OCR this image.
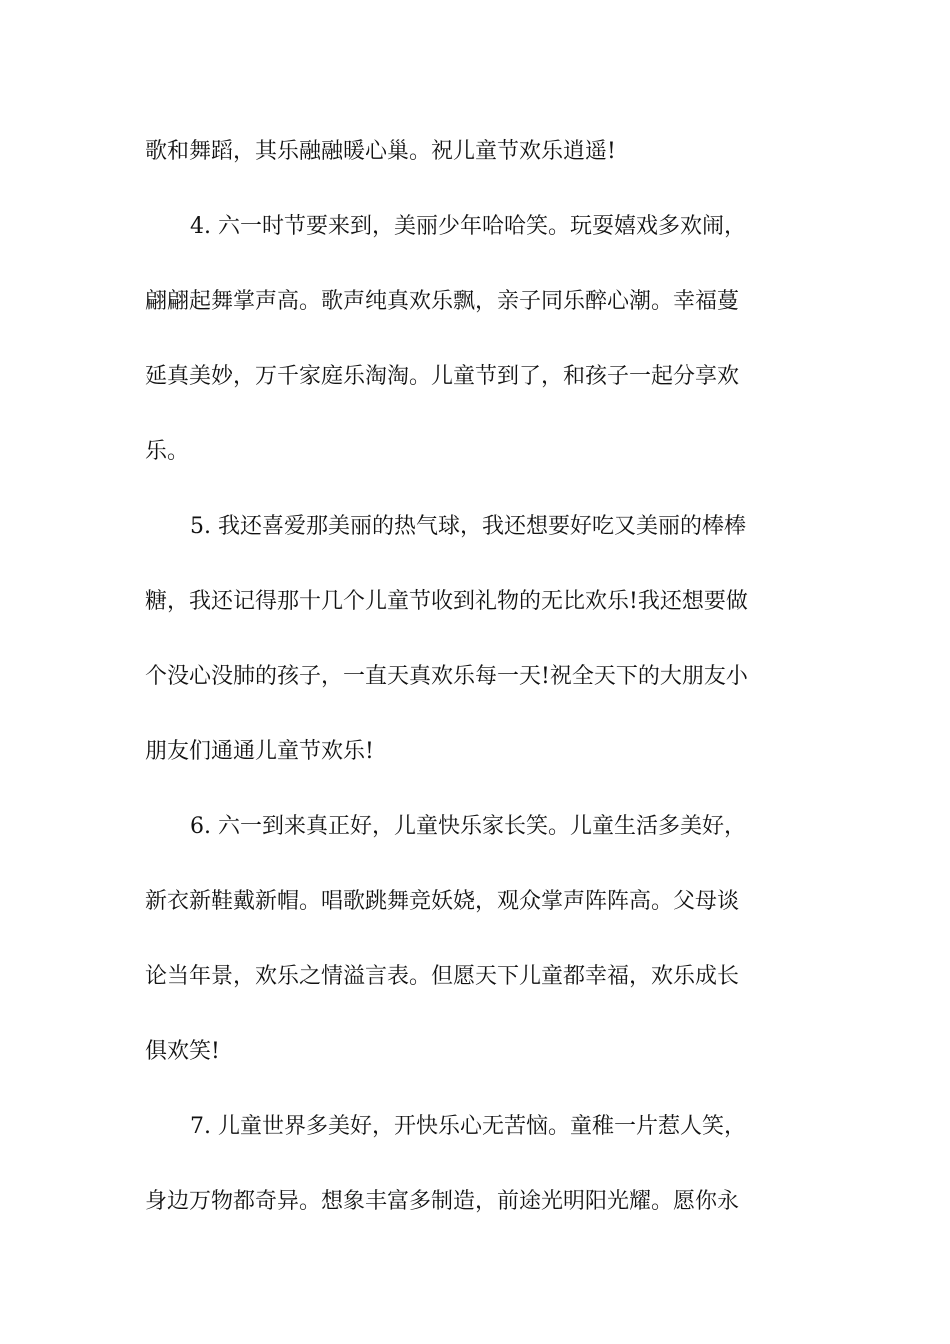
歌和舞蹈，其乐融融暖心巢。祝儿童节欢乐逍遥!
4. 六一时节要来到，美丽少年哈哈笑。玩耍嬉戏多欢闹，
翩翩起舞掌声高。歌声纯真欢乐飘，亲子同乐醉心潮。幸福蔓
延真美妙，万千家庭乐淘淘。儿童节到了，和孩子一起分享欢
乐。
5. 我还喜爱那美丽的热气球，我还想要好吃又美丽的棒棒
糖，我还记得那十几个儿童节收到礼物的无比欢乐!我还想要做
个没心没肺的孩子，一直天真欢乐每一天!祝全天下的大朋友小
朋友们通通儿童节欢乐!
6. 六一到来真正好，儿童快乐家长笑。儿童生活多美好，
新衣新鞋戴新帽。唱歌跳舞竞妖娆，观众掌声阵阵高。父母谈
论当年景，欢乐之情溢言表。但愿天下儿童都幸福，欢乐成长
俱欢笑!
7. 儿童世界多美好，开快乐心无苦恼。童稚一片惹人笑，
身边万物都奇异。想象丰富多制造，前途光明阳光耀。愿你永
